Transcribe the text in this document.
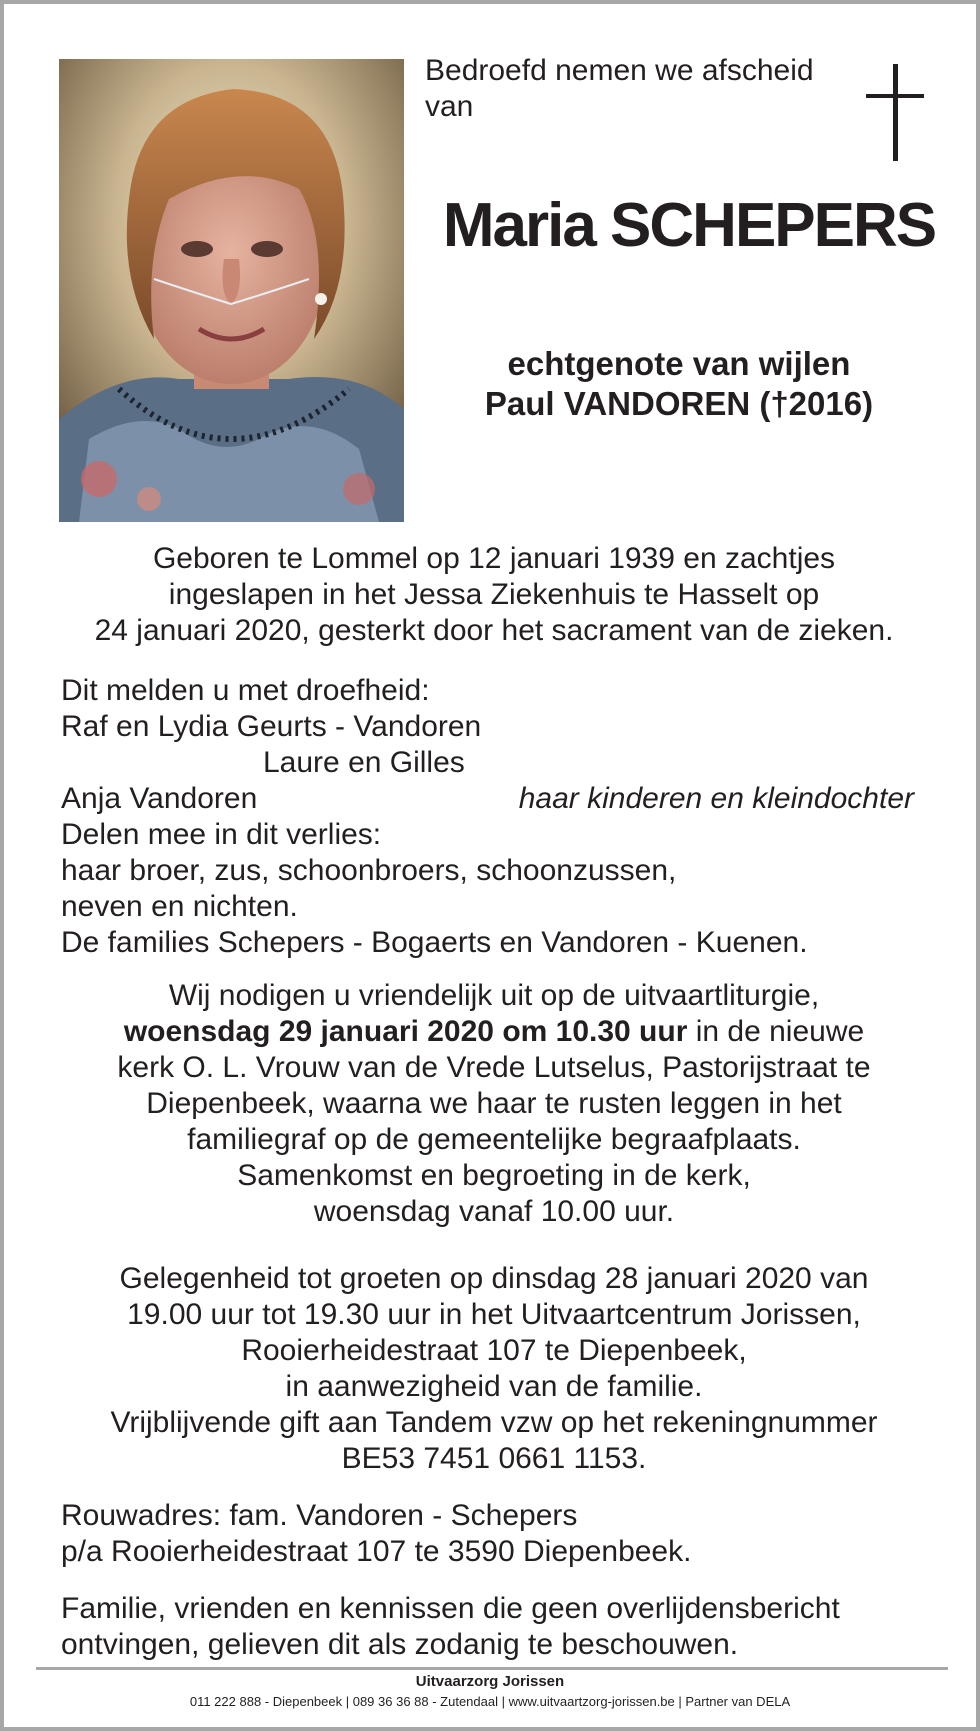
Bedroefd nemen we afscheid
van
Maria SCHEPERS
echtgenote van wijlen
Paul VANDOREN (†2016)
Geboren te Lommel op 12 januari 1939 en zachtjes
ingeslapen in het Jessa Ziekenhuis te Hasselt op
24 januari 2020, gesterkt door het sacrament van de zieken.
Dit melden u met droefheid:
Raf en Lydia Geurts - Vandoren
Laure en Gilles
Anja Vandoren	haar kinderen en kleindochter
Delen mee in dit verlies:
haar broer, zus, schoonbroers, schoonzussen,
neven en nichten.
De families Schepers - Bogaerts en Vandoren - Kuenen.
Wij nodigen u vriendelijk uit op de uitvaartliturgie,
woensdag 29 januari 2020 om 10.30 uur in de nieuwe
kerk O. L. Vrouw van de Vrede Lutselus, Pastorijstraat te
Diepenbeek, waarna we haar te rusten leggen in het
familiegraf op de gemeentelijke begraafplaats.
Samenkomst en begroeting in de kerk,
woensdag vanaf 10.00 uur.
Gelegenheid tot groeten op dinsdag 28 januari 2020 van
19.00 uur tot 19.30 uur in het Uitvaartcentrum Jorissen,
Rooierheidestraat 107 te Diepenbeek,
in aanwezigheid van de familie.
Vrijblijvende gift aan Tandem vzw op het rekeningnummer
BE53 7451 0661 1153.
Rouwadres: fam. Vandoren - Schepers
p/a Rooierheidestraat 107 te 3590 Diepenbeek.
Familie, vrienden en kennissen die geen overlijdensbericht
ontvingen, gelieven dit als zodanig te beschouwen.
Uitvaarzorg Jorissen
011 222 888 - Diepenbeek | 089 36 36 88 - Zutendaal | www.uitvaartzorg-jorissen.be | Partner van DELA
